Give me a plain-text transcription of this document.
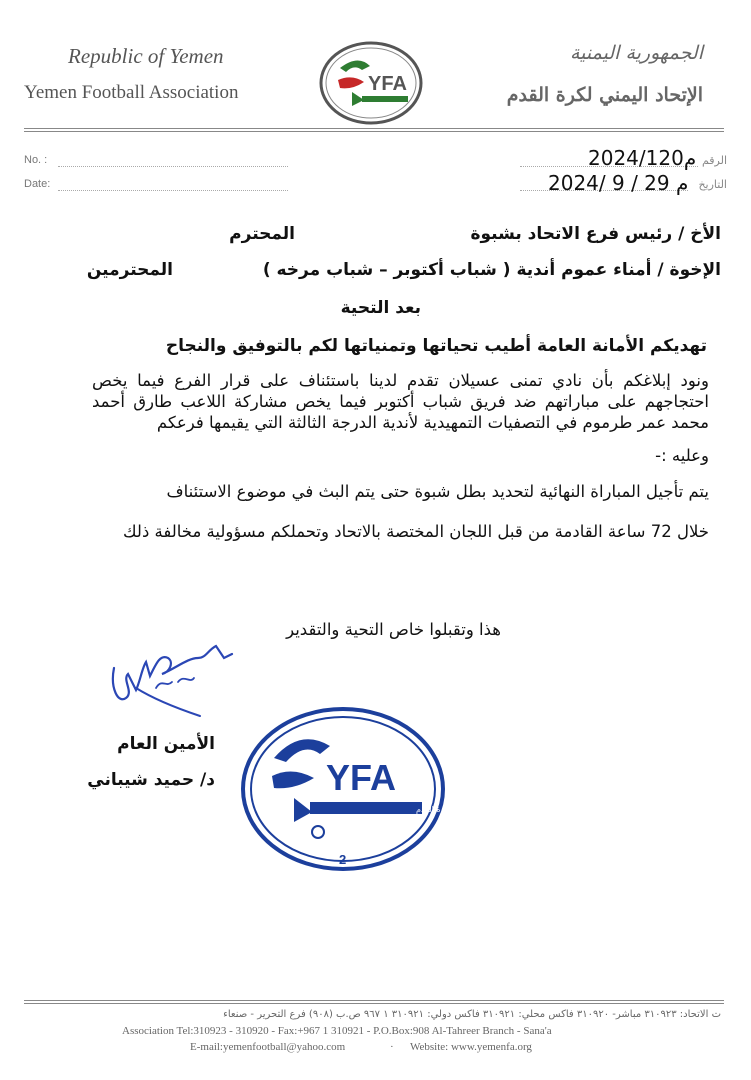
Republic of Yemen
Yemen Football Association
الجمهورية اليمنية
الإتحاد اليمني لكرة القدم
YFA
No. :
Date:
الرقم
2024/120م
التاريخ
2024/ 9 / 29 م
الأخ / رئيس فرع الاتحاد بشبوة
المحترم
الإخوة / أمناء عموم أندية ( شباب أكتوبر – شباب مرخه )
المحترمين
بعد التحية
تهديكم الأمانة العامة أطيب تحياتها وتمنياتها لكم بالتوفيق والنجاح
ونود إبلاغكم بأن نادي تمنى عسيلان تقدم لدينا باستئناف على قرار الفرع فيما يخص احتجاجهم على مباراتهم ضد فريق شباب أكتوبر فيما يخص مشاركة اللاعب طارق أحمد محمد عمر طرموم في التصفيات التمهيدية لأندية الدرجة الثالثة التي يقيمها فرعكم
وعليه :-
يتم تأجيل المباراة النهائية لتحديد بطل شبوة حتى يتم البث في موضوع الاستئناف
خلال 72 ساعة القادمة من قبل اللجان المختصة بالاتحاد وتحملكم مسؤولية مخالفة ذلك
هذا وتقبلوا خاص التحية والتقدير
الأمين العام
د/ حميد شيباني	YFA
الاتحاد اليمني لكرة القدم
2
ت الاتحاد: ٣١٠٩٢٣ مباشر- ٣١٠٩٢٠ فاكس محلي: ٣١٠٩٢١ فاكس دولي: ٣١٠٩٢١ ١ ٩٦٧ ص.ب (٩٠٨) فرع التحرير - صنعاء
Association Tel:310923 - 310920 - Fax:+967 1 310921 - P.O.Box:908 Al-Tahreer Branch - Sana'a
E-mail:yemenfootball@yahoo.com	· Website: www.yemenfa.org
